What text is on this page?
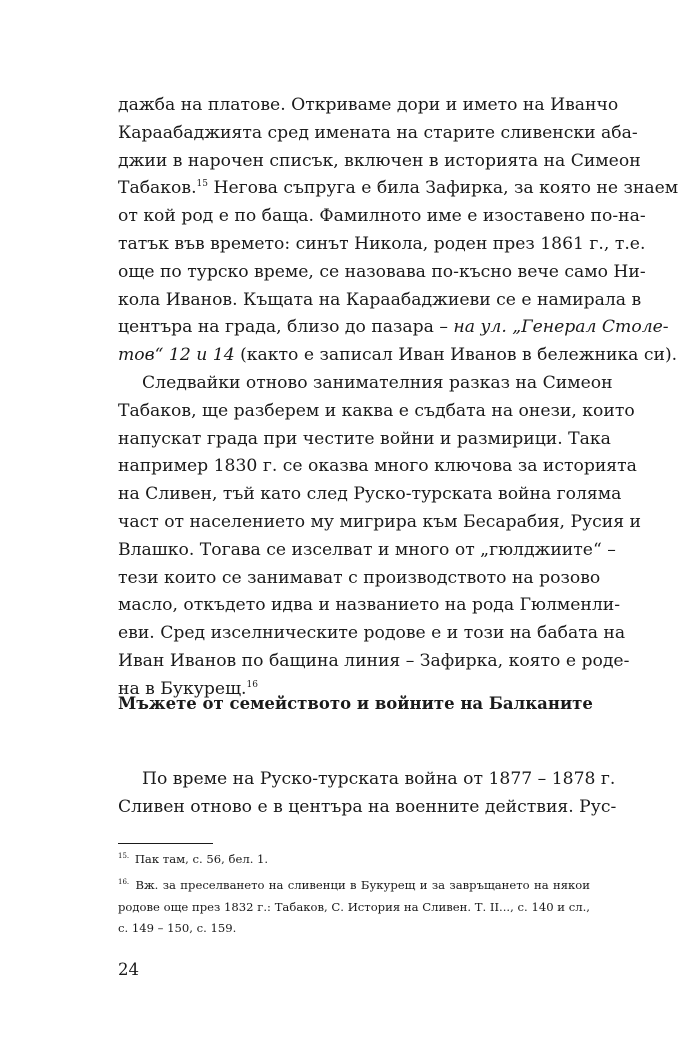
дажба на платове. Откриваме дори и името на Иванчо
Караабаджията сред имената на старите сливенски аба-
джии в нарочен списък, включен в историята на Симеон
Табаков.$^{15}$ Негова съпруга е била Зафирка, за която не знаем
от кой род е по баща. Фамилното име е изоставено по-на-
татък във времето: синът Никола, роден през 1861 г., т.е.
още по турско време, се назовава по-късно вече само Ни-
кола Иванов. Къщата на Караабаджиеви се е намирала в
центъра на града, близо до пазара – на ул. „Генерал Столе-
тов“ 12 и 14 (както е записал Иван Иванов в бележника си).
Следвайки отново занимателния разказ на Симеон
Табаков, ще разберем и каква е съдбата на онези, които
напускат града при честите войни и размирици. Така
например 1830 г. се оказва много ключова за историята
на Сливен, тъй като след Руско-турската война голяма
част от населението му мигрира към Бесарабия, Русия и
Влашко. Тогава се изселват и много от „гюлджиите“ –
тези които се занимават с производството на розово
масло, откъдето идва и названието на рода Гюлменли-
еви. Сред изселническите родове е и този на бабата на
Иван Иванов по бащина линия – Зафирка, която е роде-
на в Букурещ.$^{16}$
Мъжете от семейството и войните на Балканите
По време на Руско-турската война от 1877 – 1878 г.
Сливен отново е в центъра на военните действия. Рус-
$^{15.}$ Пак там, с. 56, бел. 1.
$^{16.}$ Вж. за преселването на сливенци в Букурещ и за завръщането на някои
родове още през 1832 г.: Табаков, С. История на Сливен. Т. II..., с. 140 и сл.,
с. 149 – 150, с. 159.
24
